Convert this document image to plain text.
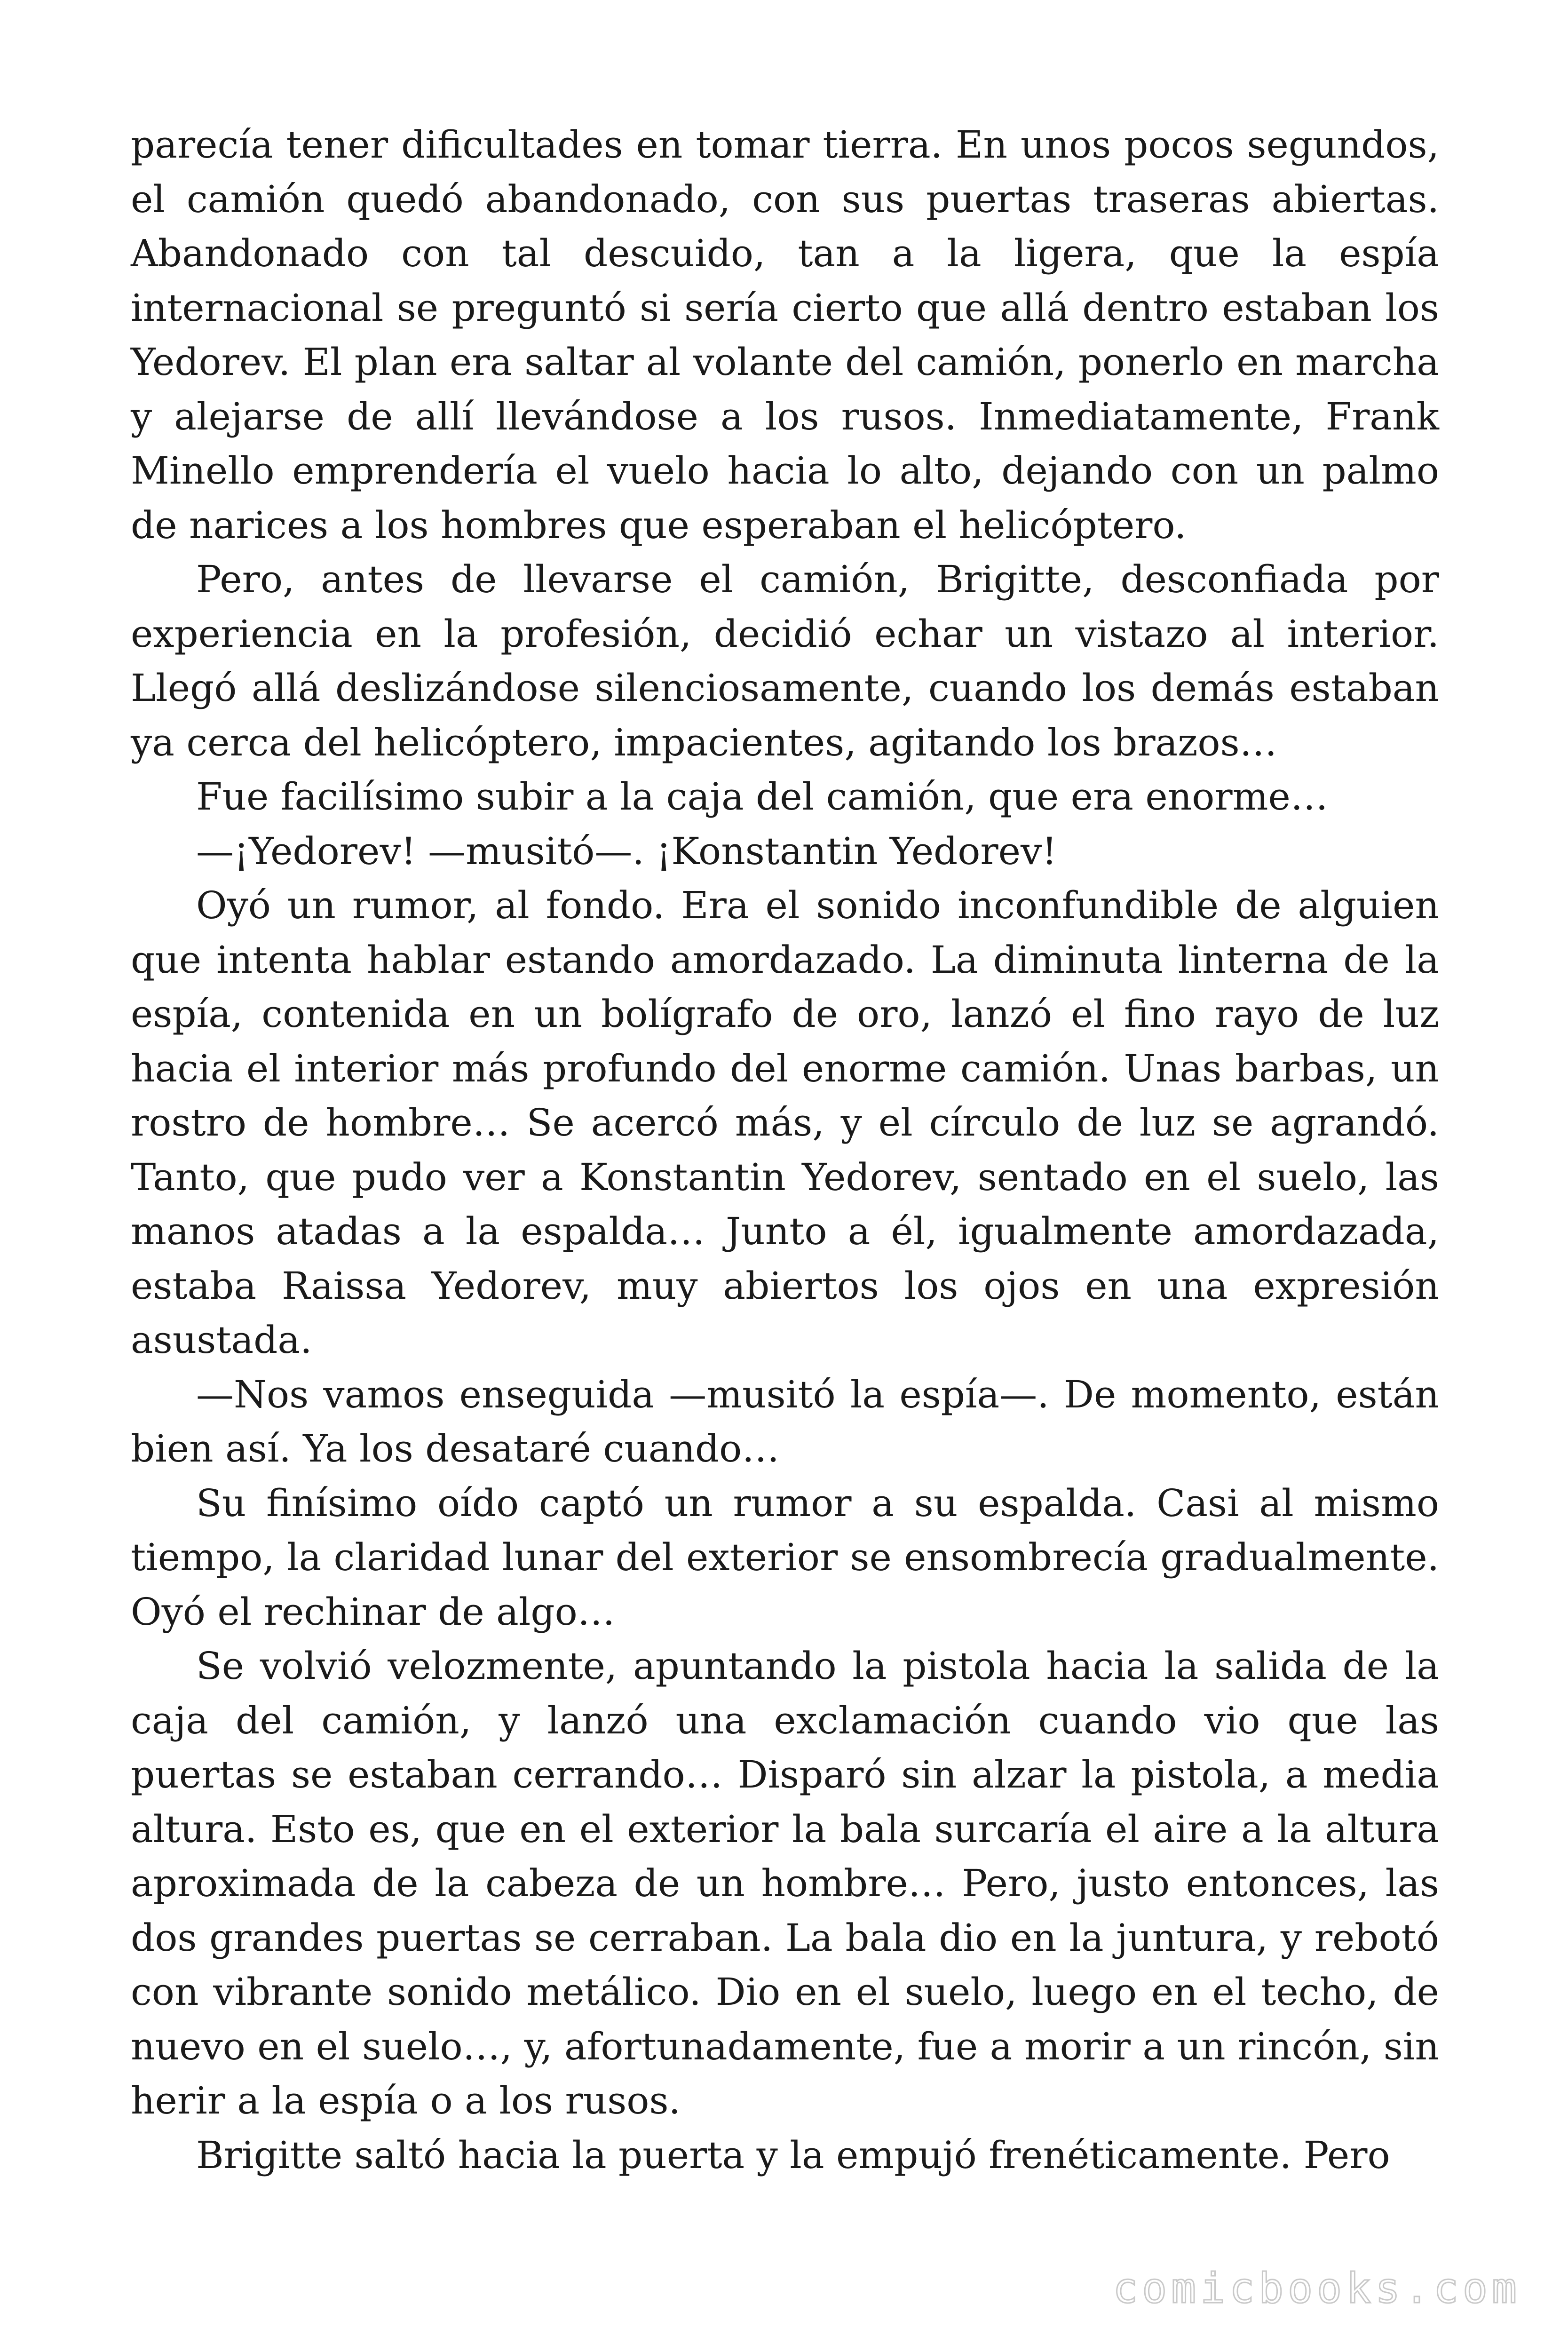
parecía tener dificultades en tomar tierra. En unos pocos segundos, el camión quedó abandonado, con sus puertas traseras abiertas. Abandonado con tal descuido, tan a la ligera, que la espía internacional se preguntó si sería cierto que allá dentro estaban los Yedorev. El plan era saltar al volante del camión, ponerlo en marcha y alejarse de allí llevándose a los rusos. Inmediatamente, Frank Minello emprendería el vuelo hacia lo alto, dejando con un palmo de narices a los hombres que esperaban el helicóptero.

Pero, antes de llevarse el camión, Brigitte, desconfiada por experiencia en la profesión, decidió echar un vistazo al interior. Llegó allá deslizándose silenciosamente, cuando los demás estaban ya cerca del helicóptero, impacientes, agitando los brazos…

Fue facilísimo subir a la caja del camión, que era enorme…

—¡Yedorev! —musitó—. ¡Konstantin Yedorev!

Oyó un rumor, al fondo. Era el sonido inconfundible de alguien que intenta hablar estando amordazado. La diminuta linterna de la espía, contenida en un bolígrafo de oro, lanzó el fino rayo de luz hacia el interior más profundo del enorme camión. Unas barbas, un rostro de hombre… Se acercó más, y el círculo de luz se agrandó. Tanto, que pudo ver a Konstantin Yedorev, sentado en el suelo, las manos atadas a la espalda… Junto a él, igualmente amordazada, estaba Raissa Yedorev, muy abiertos los ojos en una expresión asustada.

—Nos vamos enseguida —musitó la espía—. De momento, están bien así. Ya los desataré cuando…

Su finísimo oído captó un rumor a su espalda. Casi al mismo tiempo, la claridad lunar del exterior se ensombrecía gradualmente. Oyó el rechinar de algo…

Se volvió velozmente, apuntando la pistola hacia la salida de la caja del camión, y lanzó una exclamación cuando vio que las puertas se estaban cerrando… Disparó sin alzar la pistola, a media altura. Esto es, que en el exterior la bala surcaría el aire a la altura aproximada de la cabeza de un hombre… Pero, justo entonces, las dos grandes puertas se cerraban. La bala dio en la juntura, y rebotó con vibrante sonido metálico. Dio en el suelo, luego en el techo, de nuevo en el suelo…, y, afortunadamente, fue a morir a un rincón, sin herir a la espía o a los rusos.

Brigitte saltó hacia la puerta y la empujó frenéticamente. Pero

comicbooks.com
